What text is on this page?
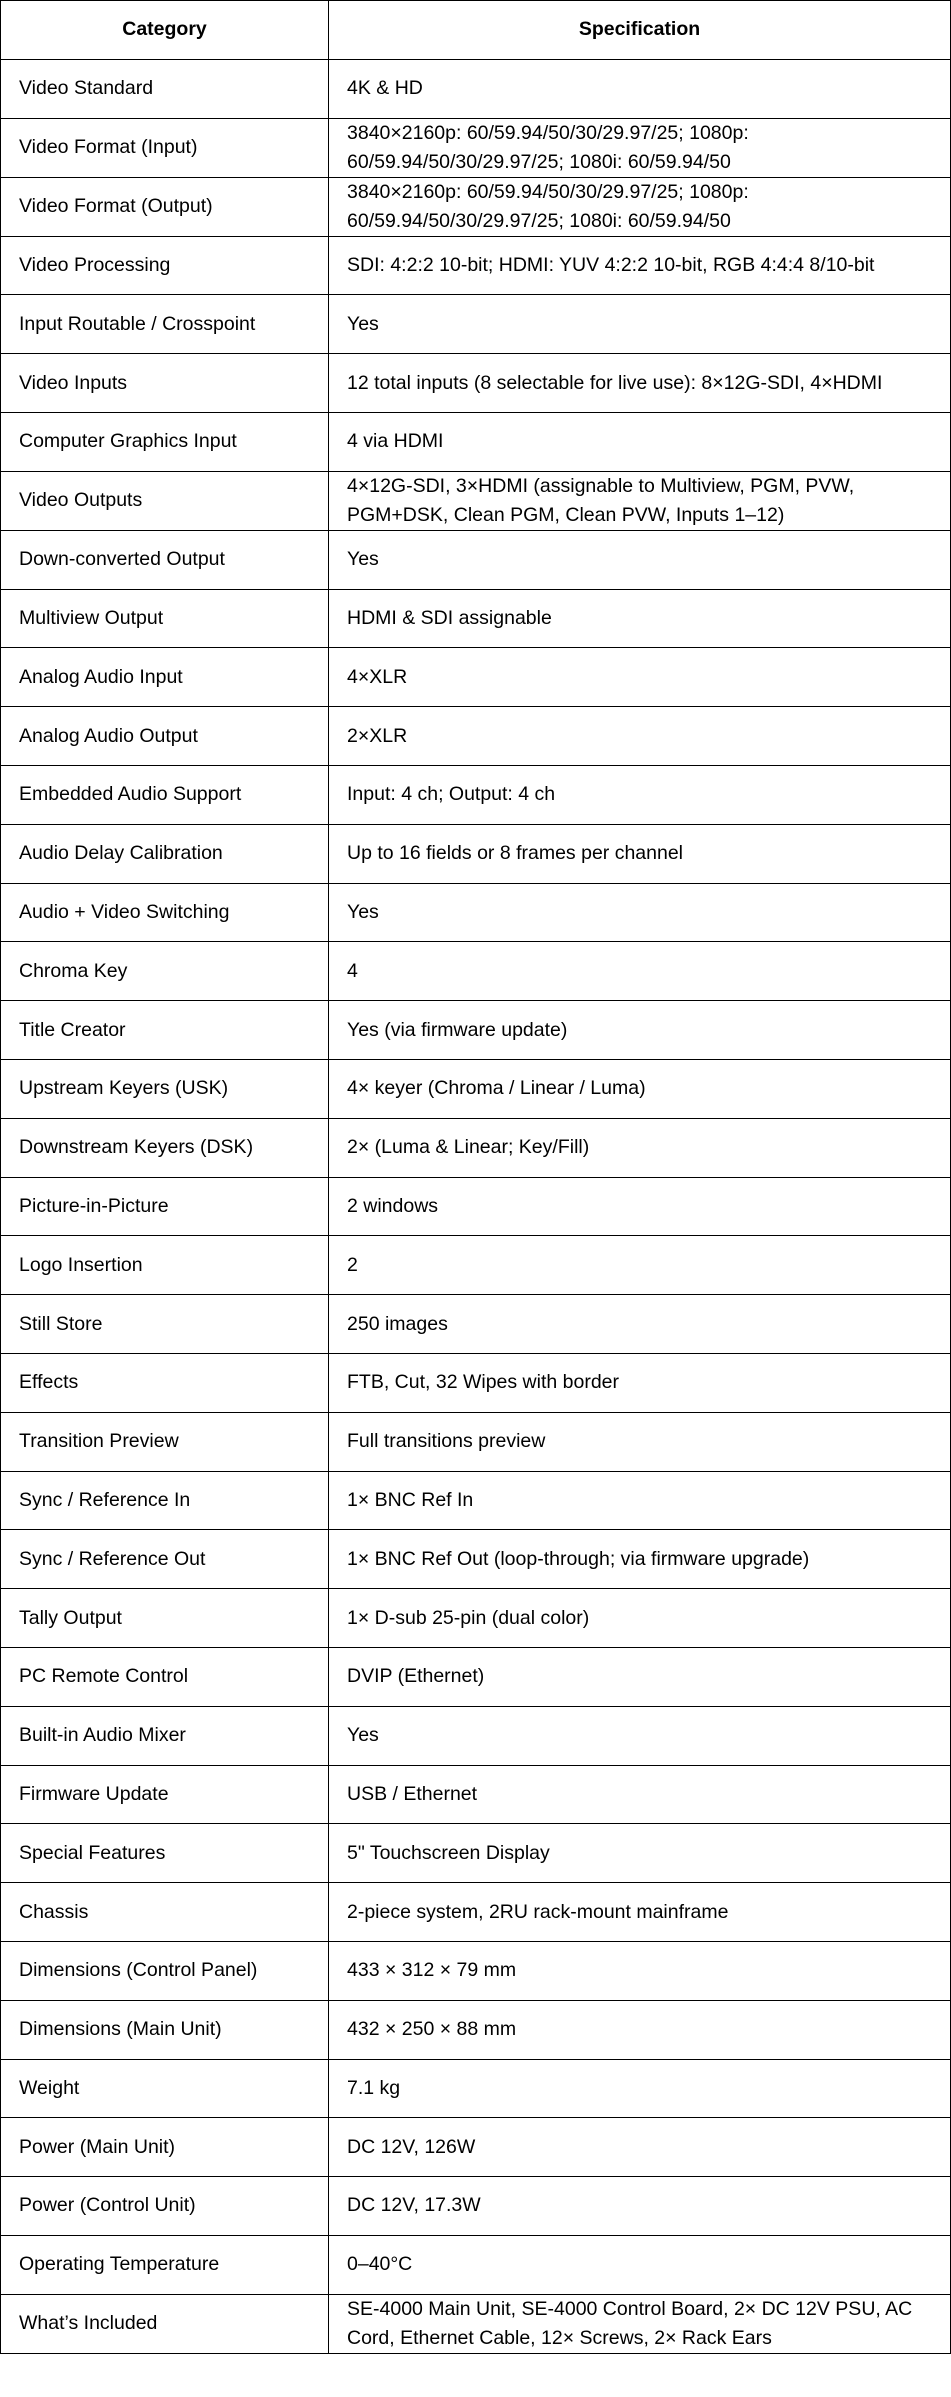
Category	Specification
Video Standard	4K & HD
Video Format (Input)	3840×2160p: 60/59.94/50/30/29.97/25; 1080p: 60/59.94/50/30/29.97/25; 1080i: 60/59.94/50
Video Format (Output)	3840×2160p: 60/59.94/50/30/29.97/25; 1080p: 60/59.94/50/30/29.97/25; 1080i: 60/59.94/50
Video Processing	SDI: 4:2:2 10-bit; HDMI: YUV 4:2:2 10-bit, RGB 4:4:4 8/10-bit
Input Routable / Crosspoint	Yes
Video Inputs	12 total inputs (8 selectable for live use): 8×12G-SDI, 4×HDMI
Computer Graphics Input	4 via HDMI
Video Outputs	4×12G-SDI, 3×HDMI (assignable to Multiview, PGM, PVW, PGM+DSK, Clean PGM, Clean PVW, Inputs 1–12)
Down-converted Output	Yes
Multiview Output	HDMI & SDI assignable
Analog Audio Input	4×XLR
Analog Audio Output	2×XLR
Embedded Audio Support	Input: 4 ch; Output: 4 ch
Audio Delay Calibration	Up to 16 fields or 8 frames per channel
Audio + Video Switching	Yes
Chroma Key	4
Title Creator	Yes (via firmware update)
Upstream Keyers (USK)	4× keyer (Chroma / Linear / Luma)
Downstream Keyers (DSK)	2× (Luma & Linear; Key/Fill)
Picture-in-Picture	2 windows
Logo Insertion	2
Still Store	250 images
Effects	FTB, Cut, 32 Wipes with border
Transition Preview	Full transitions preview
Sync / Reference In	1× BNC Ref In
Sync / Reference Out	1× BNC Ref Out (loop-through; via firmware upgrade)
Tally Output	1× D-sub 25-pin (dual color)
PC Remote Control	DVIP (Ethernet)
Built-in Audio Mixer	Yes
Firmware Update	USB / Ethernet
Special Features	5" Touchscreen Display
Chassis	2-piece system, 2RU rack-mount mainframe
Dimensions (Control Panel)	433 × 312 × 79 mm
Dimensions (Main Unit)	432 × 250 × 88 mm
Weight	7.1 kg
Power (Main Unit)	DC 12V, 126W
Power (Control Unit)	DC 12V, 17.3W
Operating Temperature	0–40°C
What’s Included	SE-4000 Main Unit, SE-4000 Control Board, 2× DC 12V PSU, AC Cord, Ethernet Cable, 12× Screws, 2× Rack Ears
